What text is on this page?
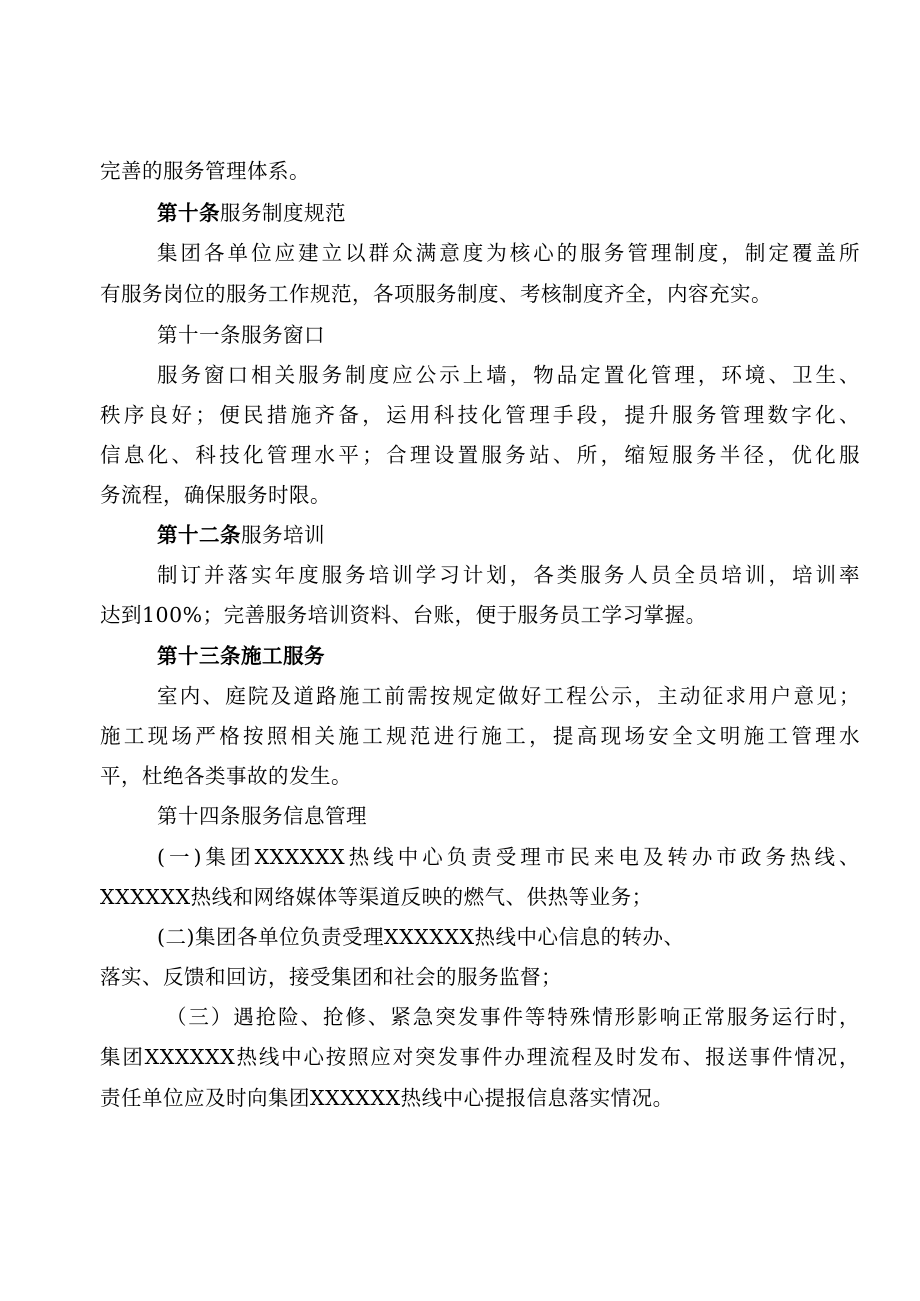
完善的服务管理体系。
第十条服务制度规范
集团各单位应建立以群众满意度为核心的服务管理制度，制定覆盖所
有服务岗位的服务工作规范，各项服务制度、考核制度齐全，内容充实。
第十一条服务窗口
服务窗口相关服务制度应公示上墙，物品定置化管理，环境、卫生、
秩序良好；便民措施齐备，运用科技化管理手段，提升服务管理数字化、
信息化、科技化管理水平；合理设置服务站、所，缩短服务半径，优化服
务流程，确保服务时限。
第十二条服务培训
制订并落实年度服务培训学习计划，各类服务人员全员培训，培训率
达到100%；完善服务培训资料、台账，便于服务员工学习掌握。
第十三条施工服务
室内、庭院及道路施工前需按规定做好工程公示，主动征求用户意见；
施工现场严格按照相关施工规范进行施工，提高现场安全文明施工管理水
平，杜绝各类事故的发生。
第十四条服务信息管理
(一)集团XXXXXX热线中心负责受理市民来电及转办市政务热线、
XXXXXX热线和网络媒体等渠道反映的燃气、供热等业务；
(二)集团各单位负责受理XXXXXX热线中心信息的转办、
落实、反馈和回访，接受集团和社会的服务监督；
（三）遇抢险、抢修、紧急突发事件等特殊情形影响正常服务运行时，
集团XXXXXX热线中心按照应对突发事件办理流程及时发布、报送事件情况，
责任单位应及时向集团XXXXXX热线中心提报信息落实情况。
